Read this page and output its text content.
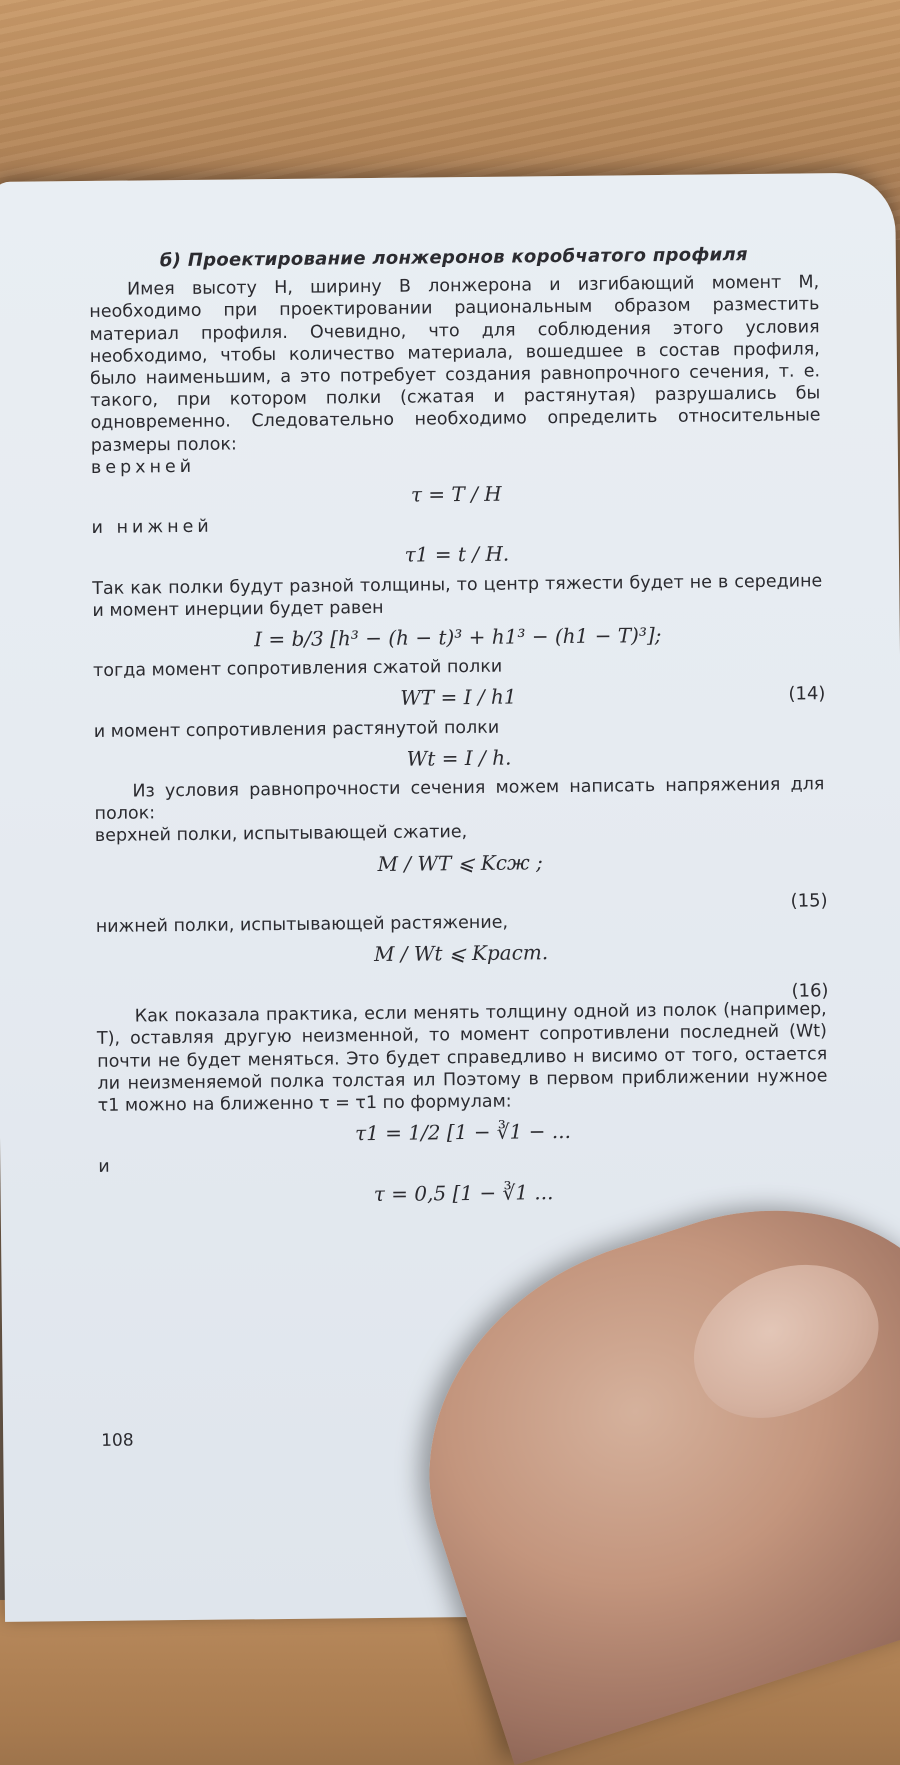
б) Проектирование лонжеронов коробчатого профиля

Имея высоту H, ширину B лонжерона и изгибающий момент M, необходимо при проектировании рациональным образом разместить материал профиля. Очевидно, что для соблюдения этого условия необходимо, чтобы количество материала, вошедшее в состав профиля, было наименьшим, а это потребует создания равнопрочного сечения, т. е. такого, при котором полки (сжатая и растянутая) разрушались бы одновременно. Следовательно необходимо определить относительные размеры полок:

верхней
τ = T / H
и нижней
τ1 = t / H.

Так как полки будут разной толщины, то центр тяжести будет не в середине и момент инерции будет равен

I = b/3 [h³ − (h − t)³ + h1³ − (h1 − T)³];

тогда момент сопротивления сжатой полки

WT = I / h1	(14)

и момент сопротивления растянутой полки

Wt = I / h.

Из условия равнопрочности сечения можем написать напряжения для полок:

верхней полки, испытывающей сжатие,

M / WT ⩽ Kсж ;
(15)

нижней полки, испытывающей растяжение,

M / Wt ⩽ Kраст.
(16)

Как показала практика, если менять толщину одной из полок (например, T), оставляя другую неизменной, то момент сопротивлени последней (Wt) почти не будет меняться. Это будет справедливо н висимо от того, остается ли неизменяемой полка толстая ил Поэтому в первом приближении нужное τ1 можно на ближенно τ = τ1 по формулам:

τ1 = 1/2 [1 − ∛1 − ...
и
τ = 0,5 [1 − ∛1 ...
108
